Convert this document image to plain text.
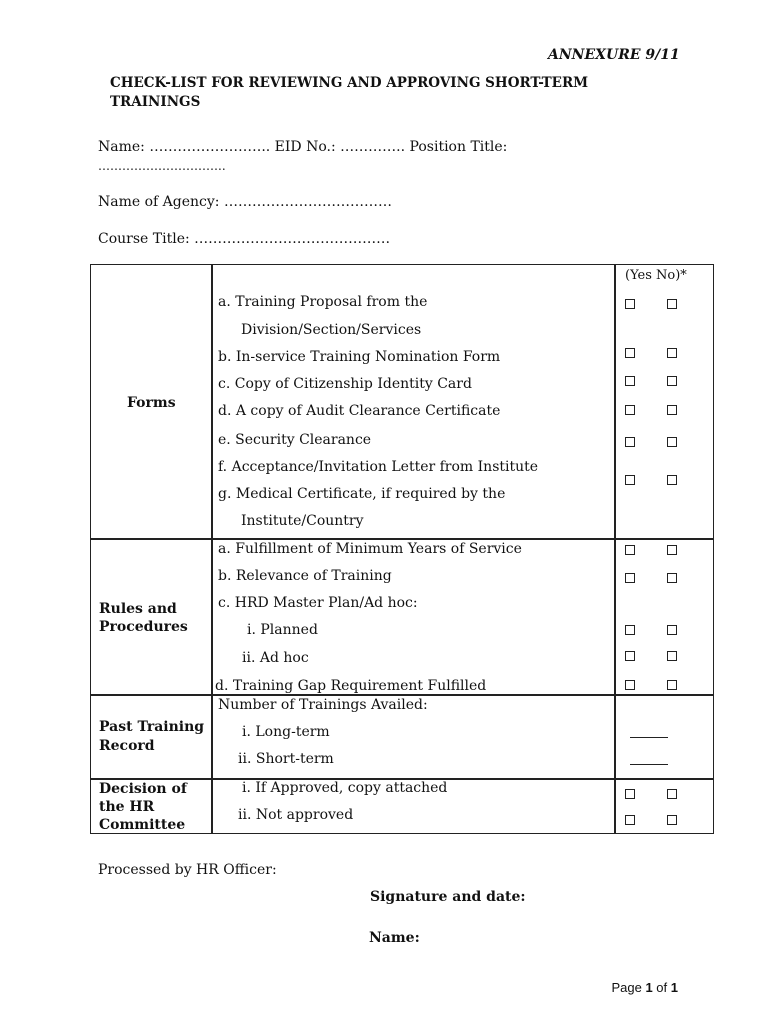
ANNEXURE 9/11
CHECK-LIST FOR REVIEWING AND APPROVING SHORT-TERM TRAININGS
Name: …………………….. EID No.: ………….. Position Title:
…………………………..
Name of Agency: ………………………………
Course Title: ……………………………………
(Yes No)*
Forms
a. Training Proposal from the
Division/Section/Services
b. In-service Training Nomination Form
c. Copy of Citizenship Identity Card
d. A copy of Audit Clearance Certificate
e. Security Clearance
f. Acceptance/Invitation Letter from Institute
g. Medical Certificate, if required by the
Institute/Country
Rules and
Procedures
a. Fulfillment of Minimum Years of Service
b. Relevance of Training
c. HRD Master Plan/Ad hoc:
i. Planned
ii. Ad hoc
d. Training Gap Requirement Fulfilled
Past Training
Record
Number of Trainings Availed:
i. Long-term
ii. Short-term
Decision of
the HR
Committee
i. If Approved, copy attached
ii. Not approved
Processed by HR Officer:
Signature and date:
Name:
Page 1 of 1
